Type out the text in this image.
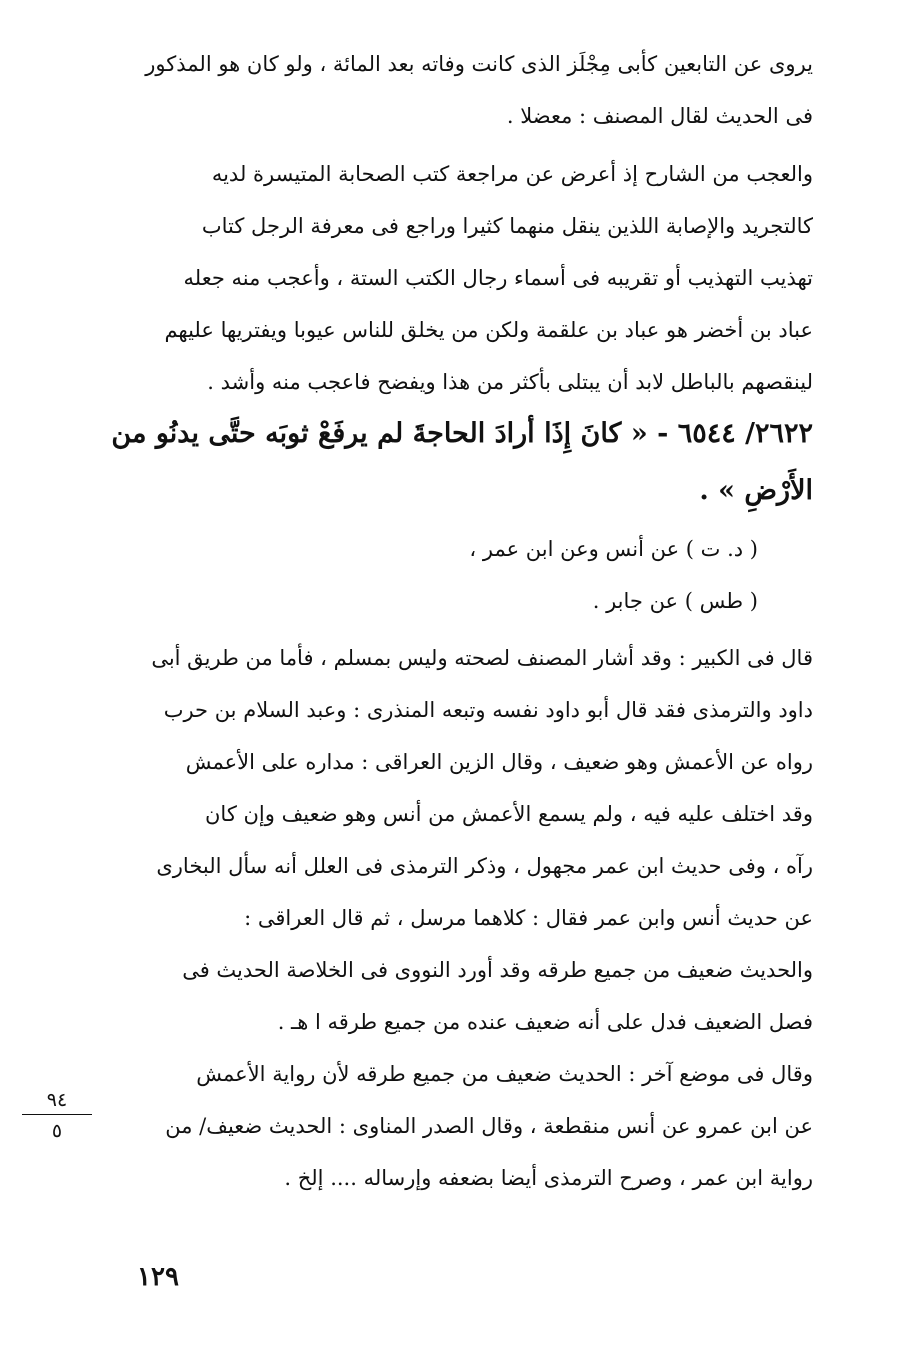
يروى عن التابعين كأبى مِجْلَز الذى كانت وفاته بعد المائة ، ولو كان هو المذكور
فى الحديث لقال المصنف : معضلا .
والعجب من الشارح إذ أعرض عن مراجعة كتب الصحابة المتيسرة لديه
كالتجريد والإصابة اللذين ينقل منهما كثيرا وراجع فى معرفة الرجل كتاب
تهذيب التهذيب أو تقريبه فى أسماء رجال الكتب الستة ، وأعجب منه جعله
عباد بن أخضر هو عباد بن علقمة ولكن من يخلق للناس عيوبا ويفتريها عليهم
لينقصهم بالباطل لابد أن يبتلى بأكثر من هذا ويفضح فاعجب منه وأشد .
٢٦٢٢/ ٦٥٤٤ - « كانَ إِذَا أرادَ الحاجةَ لم يرفَعْ ثوبَه حتَّى يدنُو من
الأَرْضِ » .
( د. ت ) عن أنس وعن ابن عمر ،
( طس ) عن جابر .
قال فى الكبير : وقد أشار المصنف لصحته وليس بمسلم ، فأما من طريق أبى
داود والترمذى فقد قال أبو داود نفسه وتبعه المنذرى : وعبد السلام بن حرب
رواه عن الأعمش وهو ضعيف ، وقال الزين العراقى : مداره على الأعمش
وقد اختلف عليه فيه ، ولم يسمع الأعمش من أنس وهو ضعيف وإن كان
رآه ، وفى حديث ابن عمر مجهول ، وذكر الترمذى فى العلل أنه سأل البخارى
عن حديث أنس وابن عمر فقال : كلاهما مرسل ، ثم قال العراقى :
والحديث ضعيف من جميع طرقه وقد أورد النووى فى الخلاصة الحديث فى
فصل الضعيف فدل على أنه ضعيف عنده من جميع طرقه ا هـ .
وقال فى موضع آخر : الحديث ضعيف من جميع طرقه لأن رواية الأعمش
عن ابن عمرو عن أنس منقطعة ، وقال الصدر المناوى : الحديث ضعيف/ من
رواية ابن عمر ، وصرح الترمذى أيضا بضعفه وإرساله .... إلخ .
٩٤
٥
١٢٩
